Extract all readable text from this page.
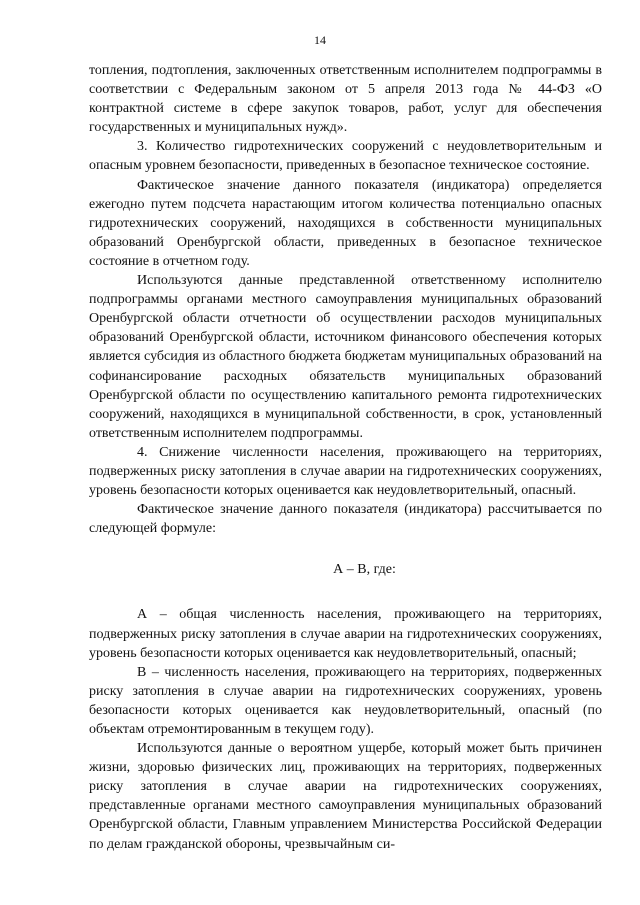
14

топления, подтопления, заключенных ответственным исполнителем подпрограммы в соответствии с Федеральным законом от 5 апреля 2013 года № 44-ФЗ «О контрактной системе в сфере закупок товаров, работ, услуг для обеспечения государственных и муниципальных нужд».

3. Количество гидротехнических сооружений с неудовлетворительным и опасным уровнем безопасности, приведенных в безопасное техническое состояние.

Фактическое значение данного показателя (индикатора) определяется ежегодно путем подсчета нарастающим итогом количества потенциально опасных гидротехнических сооружений, находящихся в собственности муниципальных образований Оренбургской области, приведенных в безопасное техническое состояние в отчетном году.

Используются данные представленной ответственному исполнителю подпрограммы органами местного самоуправления муниципальных образований Оренбургской области отчетности об осуществлении расходов муниципальных образований Оренбургской области, источником финансового обеспечения которых является субсидия из областного бюджета бюджетам муниципальных образований на софинансирование расходных обязательств муниципальных образований Оренбургской области по осуществлению капитального ремонта гидротехнических сооружений, находящихся в муниципальной собственности, в срок, установленный ответственным исполнителем подпрограммы.

4. Снижение численности населения, проживающего на территориях, подверженных риску затопления в случае аварии на гидротехнических сооружениях, уровень безопасности которых оценивается как неудовлетворительный, опасный.

Фактическое значение данного показателя (индикатора) рассчитывается по следующей формуле:

А – В, где:

А – общая численность населения, проживающего на территориях, подверженных риску затопления в случае аварии на гидротехнических сооружениях, уровень безопасности которых оценивается как неудовлетворительный, опасный;

В – численность населения, проживающего на территориях, подверженных риску затопления в случае аварии на гидротехнических сооружениях, уровень безопасности которых оценивается как неудовлетворительный, опасный (по объектам отремонтированным в текущем году).

Используются данные о вероятном ущербе, который может быть причинен жизни, здоровью физических лиц, проживающих на территориях, подверженных риску затопления в случае аварии на гидротехнических сооружениях, представленные органами местного самоуправления муниципальных образований Оренбургской области, Главным управлением Министерства Российской Федерации по делам гражданской обороны, чрезвычайным си-
